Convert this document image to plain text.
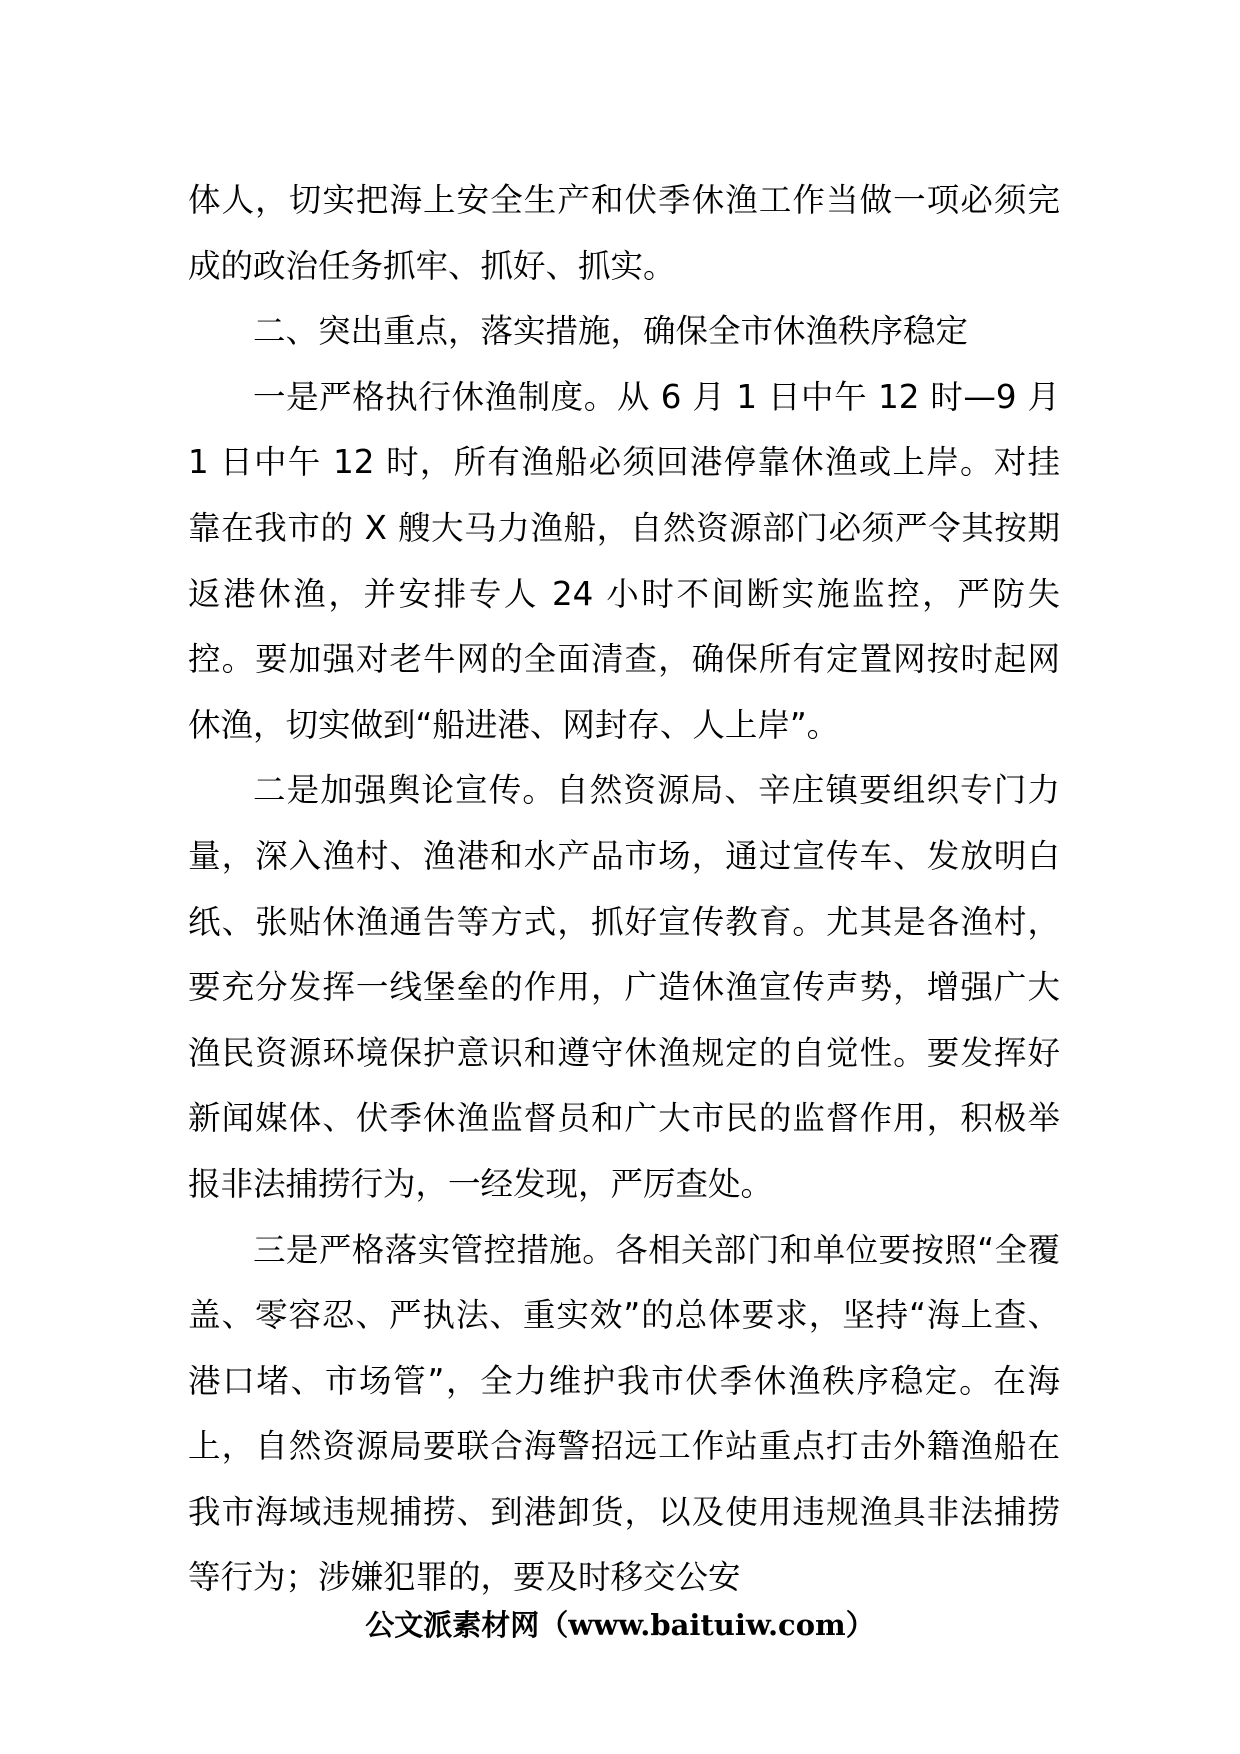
体人，切实把海上安全生产和伏季休渔工作当做一项必须完成的政治任务抓牢、抓好、抓实。

二、突出重点，落实措施，确保全市休渔秩序稳定

一是严格执行休渔制度。从 6 月 1 日中午 12 时—9 月 1 日中午 12 时，所有渔船必须回港停靠休渔或上岸。对挂靠在我市的 X 艘大马力渔船，自然资源部门必须严令其按期返港休渔，并安排专人 24 小时不间断实施监控，严防失控。要加强对老牛网的全面清查，确保所有定置网按时起网休渔，切实做到“船进港、网封存、人上岸”。

二是加强舆论宣传。自然资源局、辛庄镇要组织专门力量，深入渔村、渔港和水产品市场，通过宣传车、发放明白纸、张贴休渔通告等方式，抓好宣传教育。尤其是各渔村，要充分发挥一线堡垒的作用，广造休渔宣传声势，增强广大渔民资源环境保护意识和遵守休渔规定的自觉性。要发挥好新闻媒体、伏季休渔监督员和广大市民的监督作用，积极举报非法捕捞行为，一经发现，严厉查处。

三是严格落实管控措施。各相关部门和单位要按照“全覆盖、零容忍、严执法、重实效”的总体要求，坚持“海上查、港口堵、市场管”，全力维护我市伏季休渔秩序稳定。在海上，自然资源局要联合海警招远工作站重点打击外籍渔船在我市海域违规捕捞、到港卸货，以及使用违规渔具非法捕捞等行为；涉嫌犯罪的，要及时移交公安

公文派素材网（www.baituiw.com）
